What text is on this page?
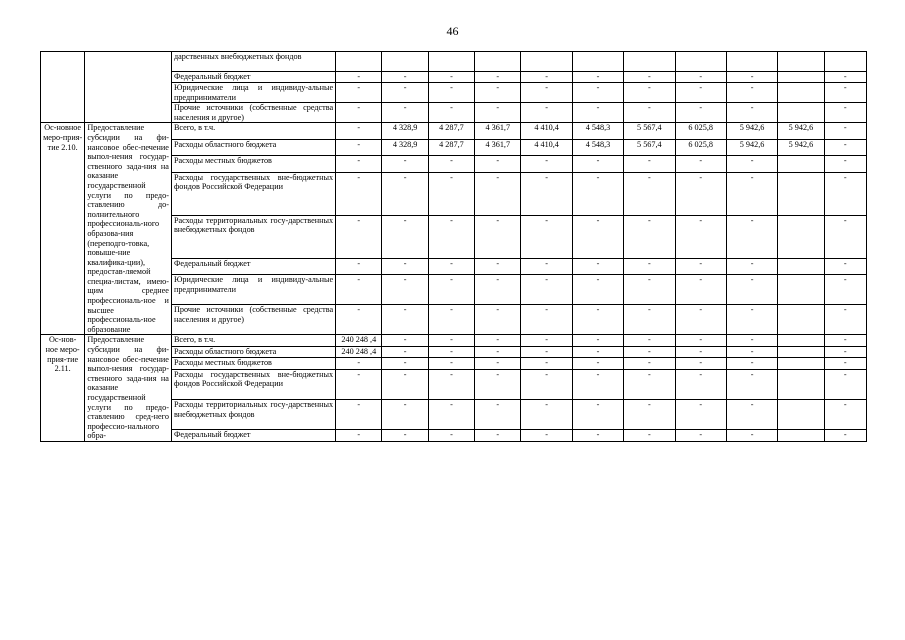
46
		дарственных внебюджетных фондов											
		Федеральный бюджет	-	-	-	-	-	-	-	-	-		-
		Юридические лица и индивиду-альные предприниматели	-	-	-	-	-	-	-	-	-		-
		Прочие источники (собственные средства населения и другое)	-	-	-	-	-	-	-	-	-		-
Ос-новное меро-прия-тие 2.10.	Предоставление субсидии на фи-нансовое обес-печение выпол-нения государ-ственного зада-ния на оказание государственной услуги по предо-ставлению до-полнительного профессиональ-ного образова-ния (переподго-товка, повыше-ние квалифика-ции), предостав-ляемой специа-листам, имею-щим среднее профессиональ-ное и высшее профессиональ-ное образование	Всего, в т.ч.	-	4 328,9	4 287,7	4 361,7	4 410,4	4 548,3	5 567,4	6 025,8	5 942,6	5 942,6	-
		Расходы областного бюджета	-	4 328,9	4 287,7	4 361,7	4 410,4	4 548,3	5 567,4	6 025,8	5 942,6	5 942,6	-
		Расходы местных бюджетов	-	-	-	-	-	-	-	-	-		-
		Расходы государственных вне-бюджетных фондов Российской Федерации	-	-	-	-	-	-	-	-	-		-
		Расходы территориальных госу-дарственных внебюджетных фондов	-	-	-	-	-	-	-	-	-		-
		Федеральный бюджет	-	-	-	-	-	-	-	-	-		-
		Юридические лица и индивиду-альные предприниматели	-	-	-	-	-	-	-	-	-		-
		Прочие источники (собственные средства населения и другое)	-	-	-	-	-	-	-	-	-		-
Ос-нов-ное меро-прия-тие 2.11.	Предоставление субсидии на фи-нансовое обес-печение выпол-нения государ-ственного зада-ния на оказание государственной услуги по предо-ставлению сред-него профессио-нального обра-	Всего, в т.ч.	240 248 ,4	-	-	-	-	-	-	-	-		-
		Расходы областного бюджета	240 248 ,4	-	-	-	-	-	-	-	-		-
		Расходы местных бюджетов	-	-	-	-	-	-	-	-	-		-
		Расходы государственных вне-бюджетных фондов Российской Федерации	-	-	-	-	-	-	-	-	-		-
		Расходы территориальных госу-дарственных внебюджетных фондов	-	-	-	-	-	-	-	-	-		-
		Федеральный бюджет	-	-	-	-	-	-	-	-	-		-
